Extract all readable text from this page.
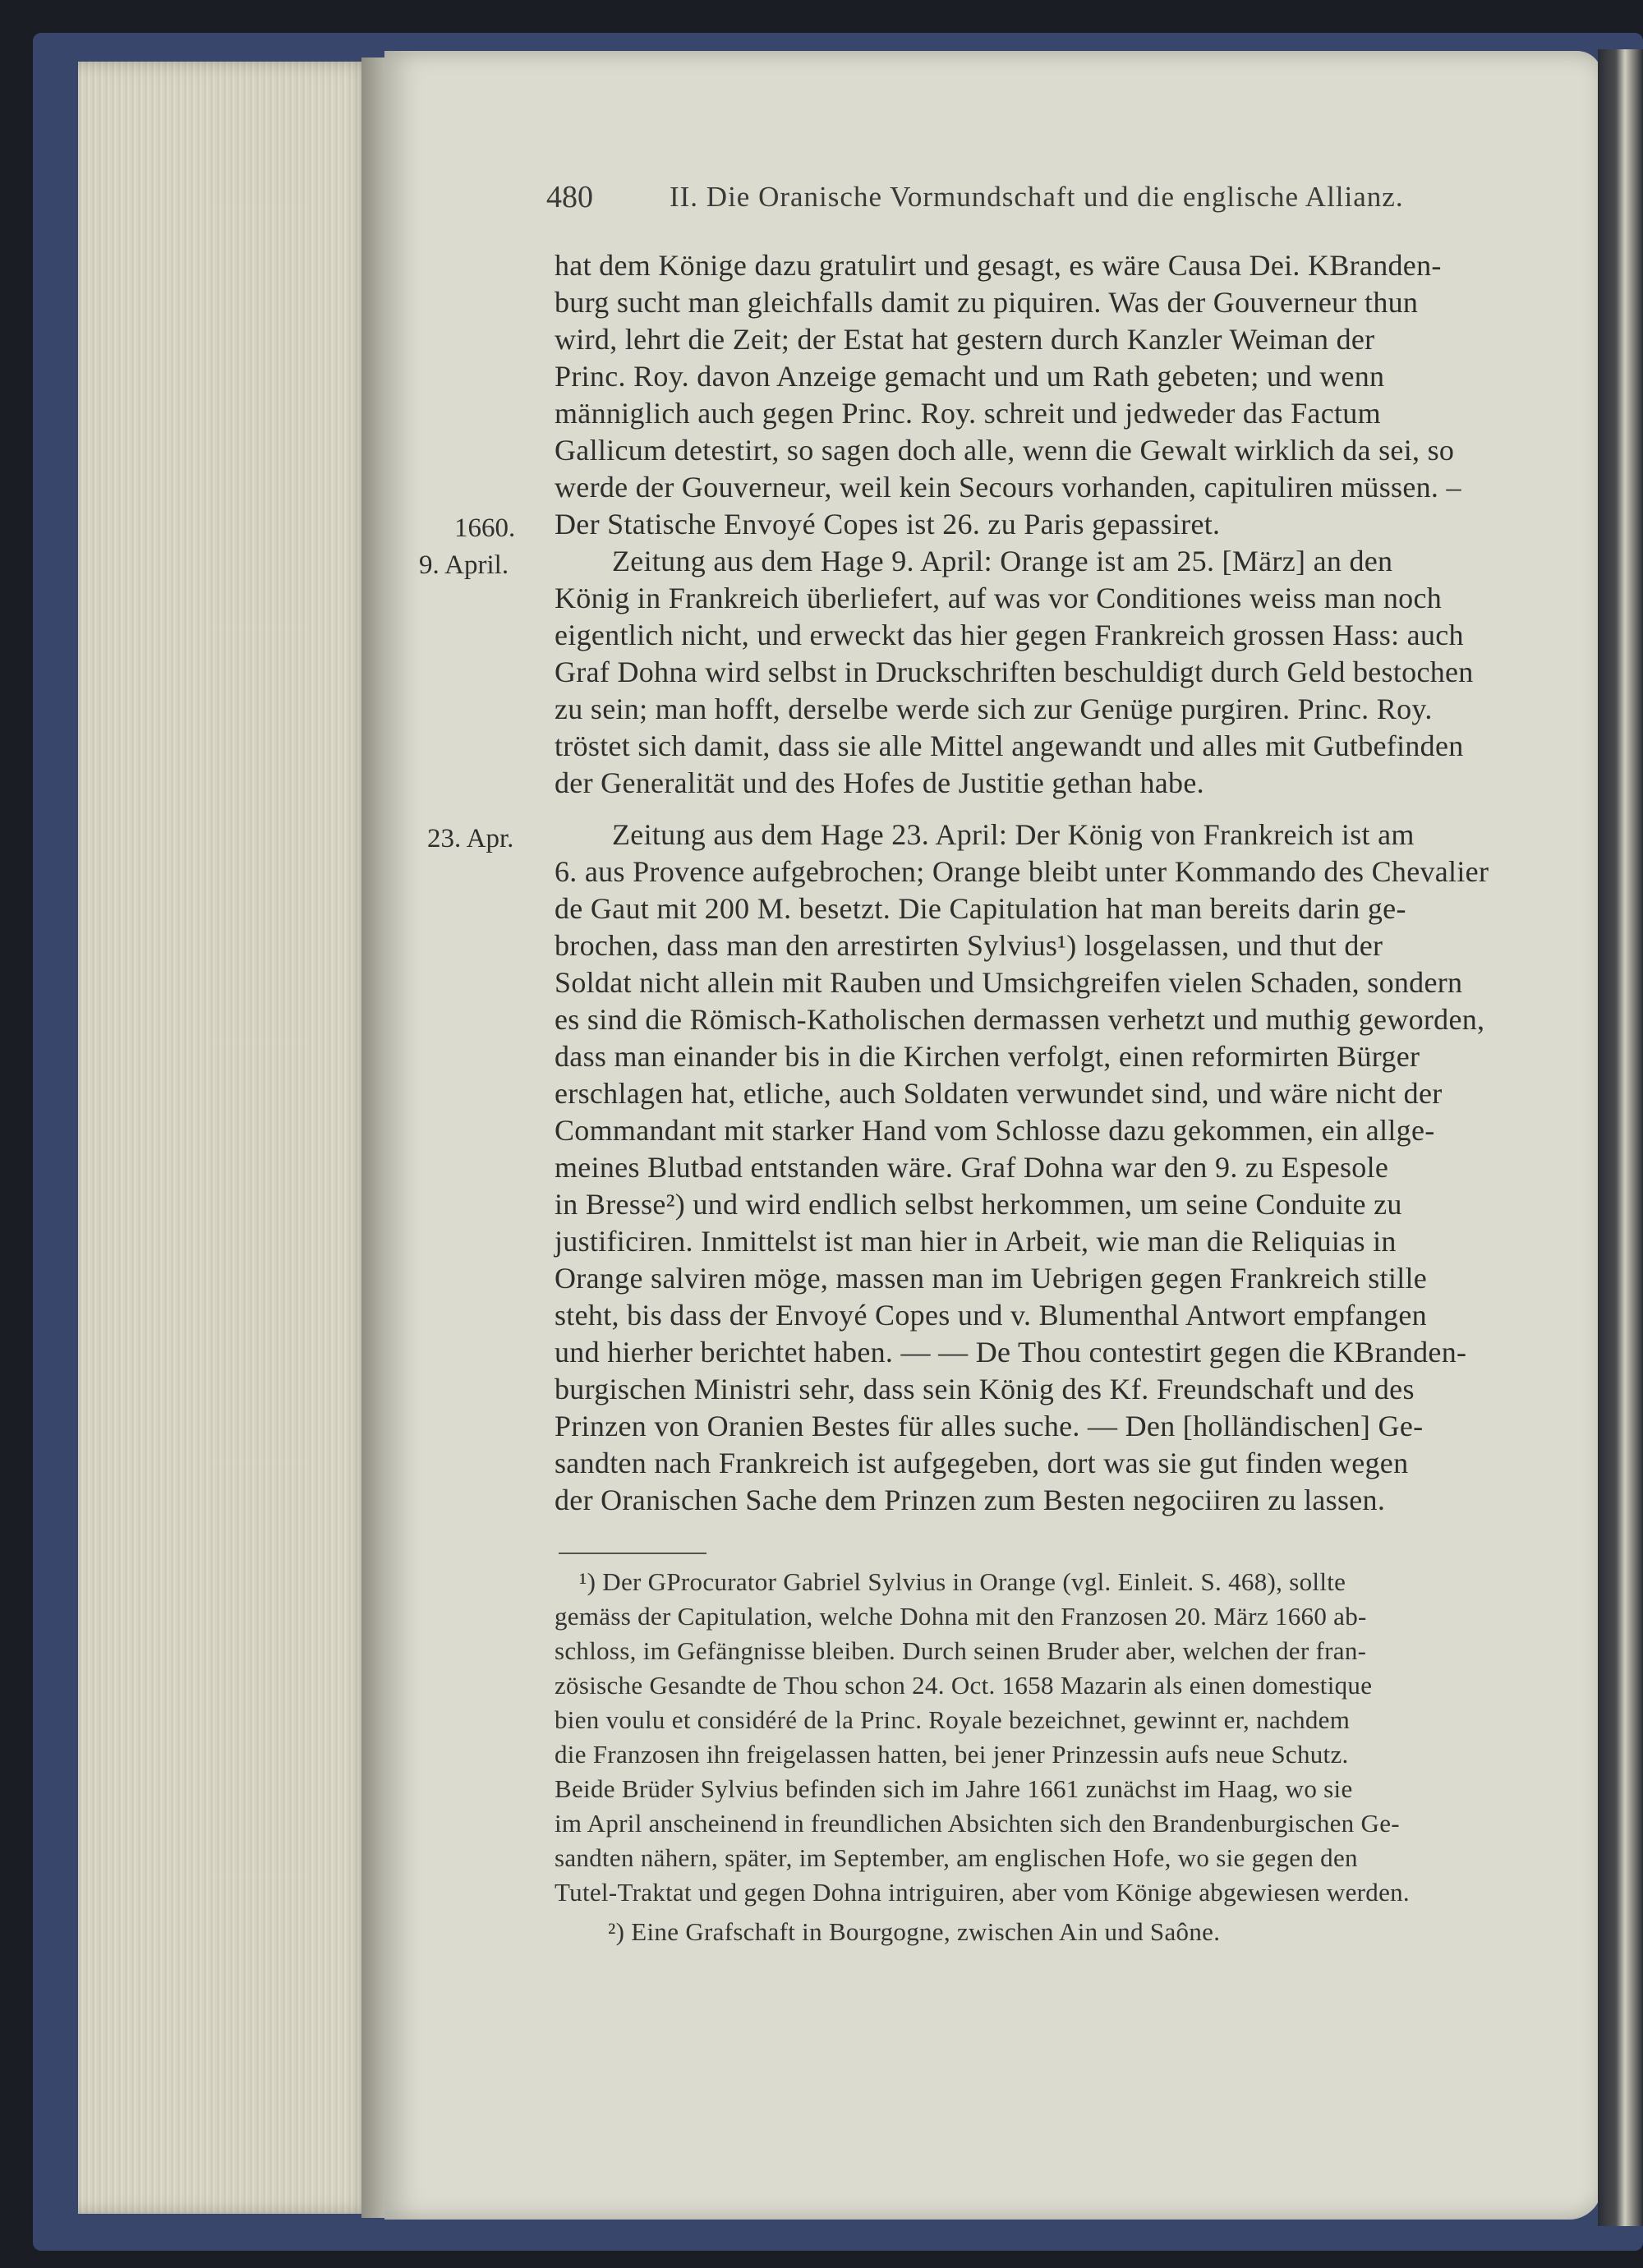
480	II. Die Oranische Vormundschaft und die englische Allianz.
1660.
9. April.
23. Apr.
hat dem Könige dazu gratulirt und gesagt, es wäre Causa Dei. KBranden-
burg sucht man gleichfalls damit zu piquiren. Was der Gouverneur thun
wird, lehrt die Zeit; der Estat hat gestern durch Kanzler Weiman der
Princ. Roy. davon Anzeige gemacht und um Rath gebeten; und wenn
männiglich auch gegen Princ. Roy. schreit und jedweder das Factum
Gallicum detestirt, so sagen doch alle, wenn die Gewalt wirklich da sei, so
werde der Gouverneur, weil kein Secours vorhanden, capituliren müssen. –
Der Statische Envoyé Copes ist 26. zu Paris gepassiret.
Zeitung aus dem Hage 9. April: Orange ist am 25. [März] an den
König in Frankreich überliefert, auf was vor Conditiones weiss man noch
eigentlich nicht, und erweckt das hier gegen Frankreich grossen Hass: auch
Graf Dohna wird selbst in Druckschriften beschuldigt durch Geld bestochen
zu sein; man hofft, derselbe werde sich zur Genüge purgiren. Princ. Roy.
tröstet sich damit, dass sie alle Mittel angewandt und alles mit Gutbefinden
der Generalität und des Hofes de Justitie gethan habe.
Zeitung aus dem Hage 23. April: Der König von Frankreich ist am
6. aus Provence aufgebrochen; Orange bleibt unter Kommando des Chevalier
de Gaut mit 200 M. besetzt. Die Capitulation hat man bereits darin ge-
brochen, dass man den arrestirten Sylvius¹) losgelassen, und thut der
Soldat nicht allein mit Rauben und Umsichgreifen vielen Schaden, sondern
es sind die Römisch-Katholischen dermassen verhetzt und muthig geworden,
dass man einander bis in die Kirchen verfolgt, einen reformirten Bürger
erschlagen hat, etliche, auch Soldaten verwundet sind, und wäre nicht der
Commandant mit starker Hand vom Schlosse dazu gekommen, ein allge-
meines Blutbad entstanden wäre. Graf Dohna war den 9. zu Espesole
in Bresse²) und wird endlich selbst herkommen, um seine Conduite zu
justificiren. Inmittelst ist man hier in Arbeit, wie man die Reliquias in
Orange salviren möge, massen man im Uebrigen gegen Frankreich stille
steht, bis dass der Envoyé Copes und v. Blumenthal Antwort empfangen
und hierher berichtet haben. — — De Thou contestirt gegen die KBranden-
burgischen Ministri sehr, dass sein König des Kf. Freundschaft und des
Prinzen von Oranien Bestes für alles suche. — Den [holländischen] Ge-
sandten nach Frankreich ist aufgegeben, dort was sie gut finden wegen
der Oranischen Sache dem Prinzen zum Besten negociiren zu lassen.
¹) Der GProcurator Gabriel Sylvius in Orange (vgl. Einleit. S. 468), sollte
gemäss der Capitulation, welche Dohna mit den Franzosen 20. März 1660 ab-
schloss, im Gefängnisse bleiben. Durch seinen Bruder aber, welchen der fran-
zösische Gesandte de Thou schon 24. Oct. 1658 Mazarin als einen domestique
bien voulu et considéré de la Princ. Royale bezeichnet, gewinnt er, nachdem
die Franzosen ihn freigelassen hatten, bei jener Prinzessin aufs neue Schutz.
Beide Brüder Sylvius befinden sich im Jahre 1661 zunächst im Haag, wo sie
im April anscheinend in freundlichen Absichten sich den Brandenburgischen Ge-
sandten nähern, später, im September, am englischen Hofe, wo sie gegen den
Tutel-Traktat und gegen Dohna intriguiren, aber vom Könige abgewiesen werden.
²) Eine Grafschaft in Bourgogne, zwischen Ain und Saône.
